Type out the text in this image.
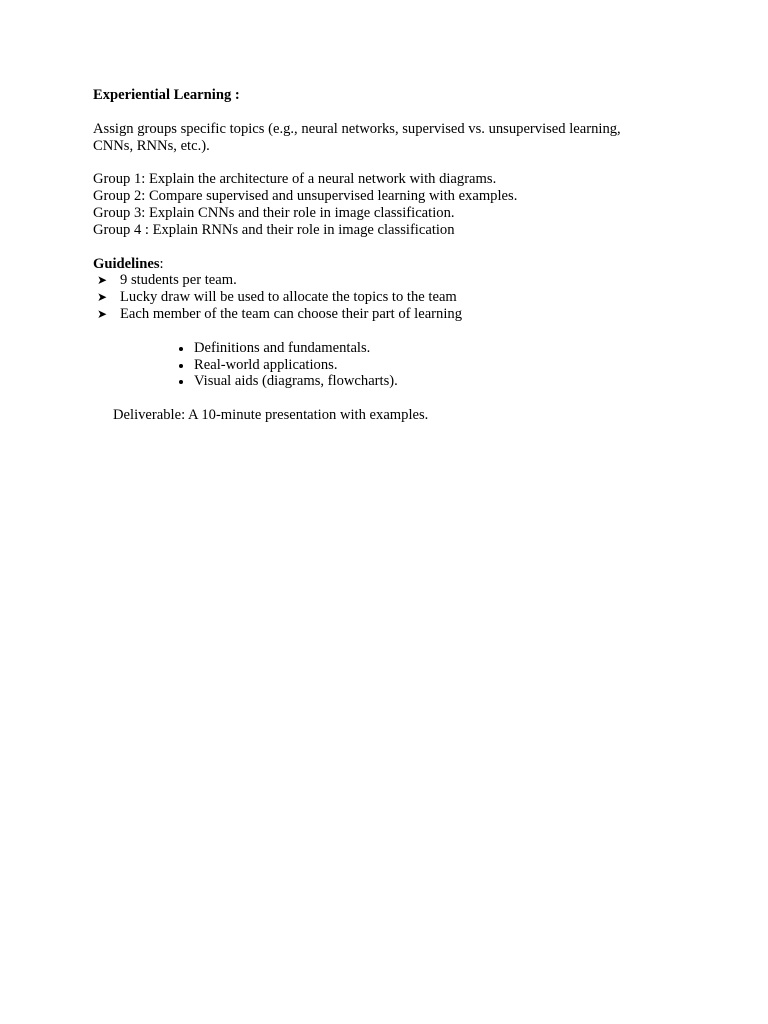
Experiential Learning :

Assign groups specific topics (e.g., neural networks, supervised vs. unsupervised learning,
CNNs, RNNs, etc.).

Group 1: Explain the architecture of a neural network with diagrams.

Group 2: Compare supervised and unsupervised learning with examples.

Group 3: Explain CNNs and their role in image classification.

Group 4 : Explain RNNs and their role in image classification

Guidelines:

➤ 9 students per team.
➤ Lucky draw will be used to allocate the topics to the team
➤ Each member of the team can choose their part of learning
Definitions and fundamentals.
Real-world applications.
Visual aids (diagrams, flowcharts).

Deliverable: A 10-minute presentation with examples.
